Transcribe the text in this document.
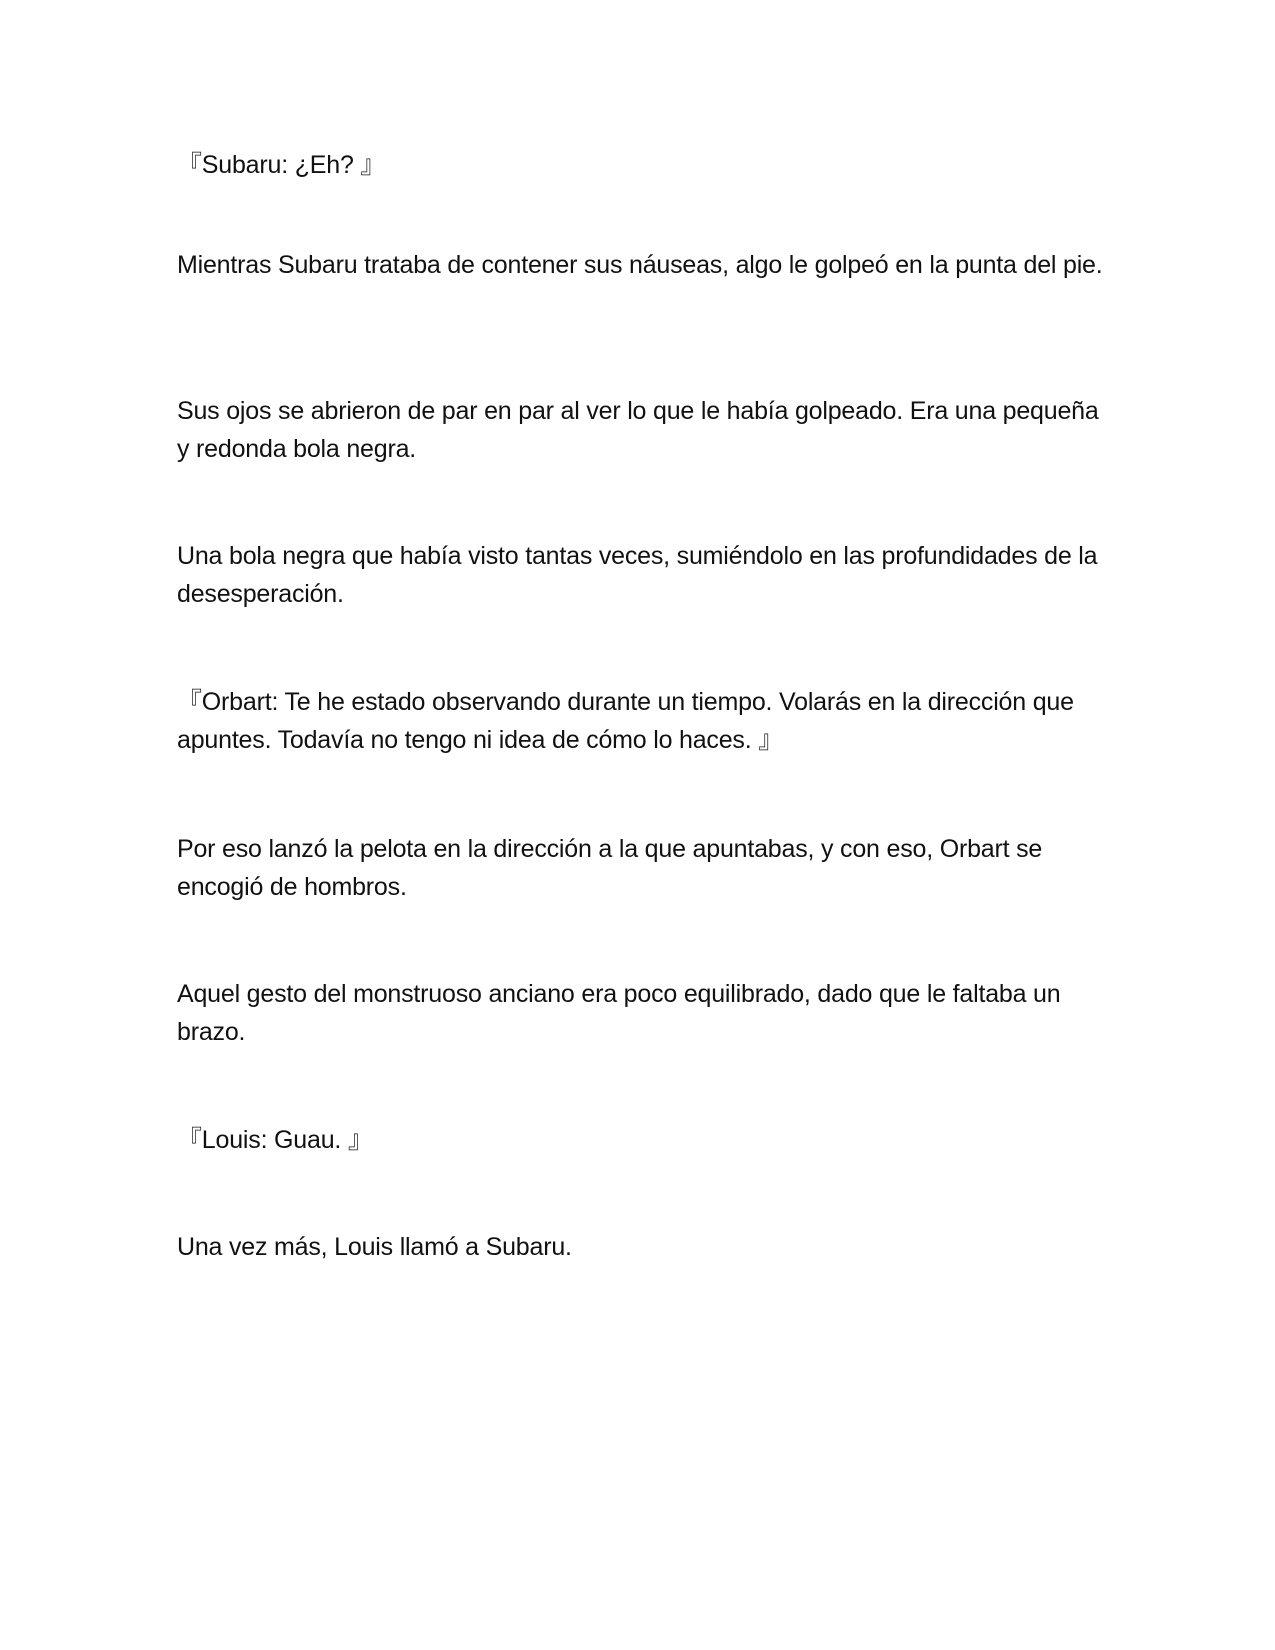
『Subaru: ¿Eh? 』

Mientras Subaru trataba de contener sus náuseas, algo le golpeó en la punta del pie.

Sus ojos se abrieron de par en par al ver lo que le había golpeado. Era una pequeña y redonda bola negra.

Una bola negra que había visto tantas veces, sumiéndolo en las profundidades de la desesperación.

『Orbart: Te he estado observando durante un tiempo. Volarás en la dirección que apuntes. Todavía no tengo ni idea de cómo lo haces. 』

Por eso lanzó la pelota en la dirección a la que apuntabas, y con eso, Orbart se encogió de hombros.

Aquel gesto del monstruoso anciano era poco equilibrado, dado que le faltaba un brazo.

『Louis: Guau. 』

Una vez más, Louis llamó a Subaru.
